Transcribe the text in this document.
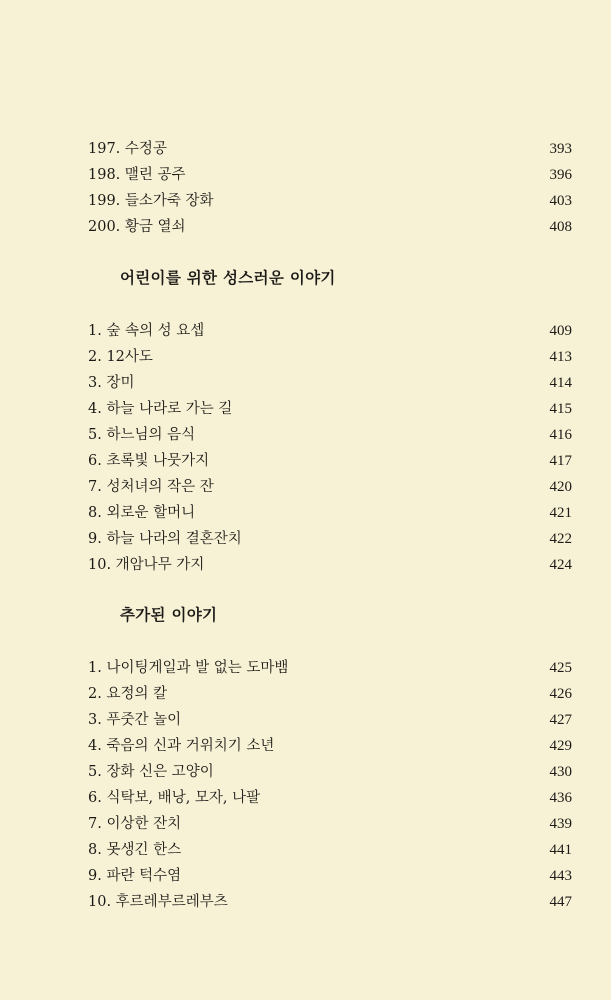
197. 수정공	393
198. 맬린 공주	396
199. 들소가죽 장화	403
200. 황금 열쇠	408
어린이를 위한 성스러운 이야기
1. 숲 속의 성 요셉	409
2. 12사도	413
3. 장미	414
4. 하늘 나라로 가는 길	415
5. 하느님의 음식	416
6. 초록빛 나뭇가지	417
7. 성처녀의 작은 잔	420
8. 외로운 할머니	421
9. 하늘 나라의 결혼잔치	422
10. 개암나무 가지	424
추가된 이야기
1. 나이팅게일과 발 없는 도마뱀	425
2. 요정의 칼	426
3. 푸줏간 놀이	427
4. 죽음의 신과 거위치기 소년	429
5. 장화 신은 고양이	430
6. 식탁보, 배낭, 모자, 나팔	436
7. 이상한 잔치	439
8. 못생긴 한스	441
9. 파란 턱수염	443
10. 후르레부르레부츠	447
